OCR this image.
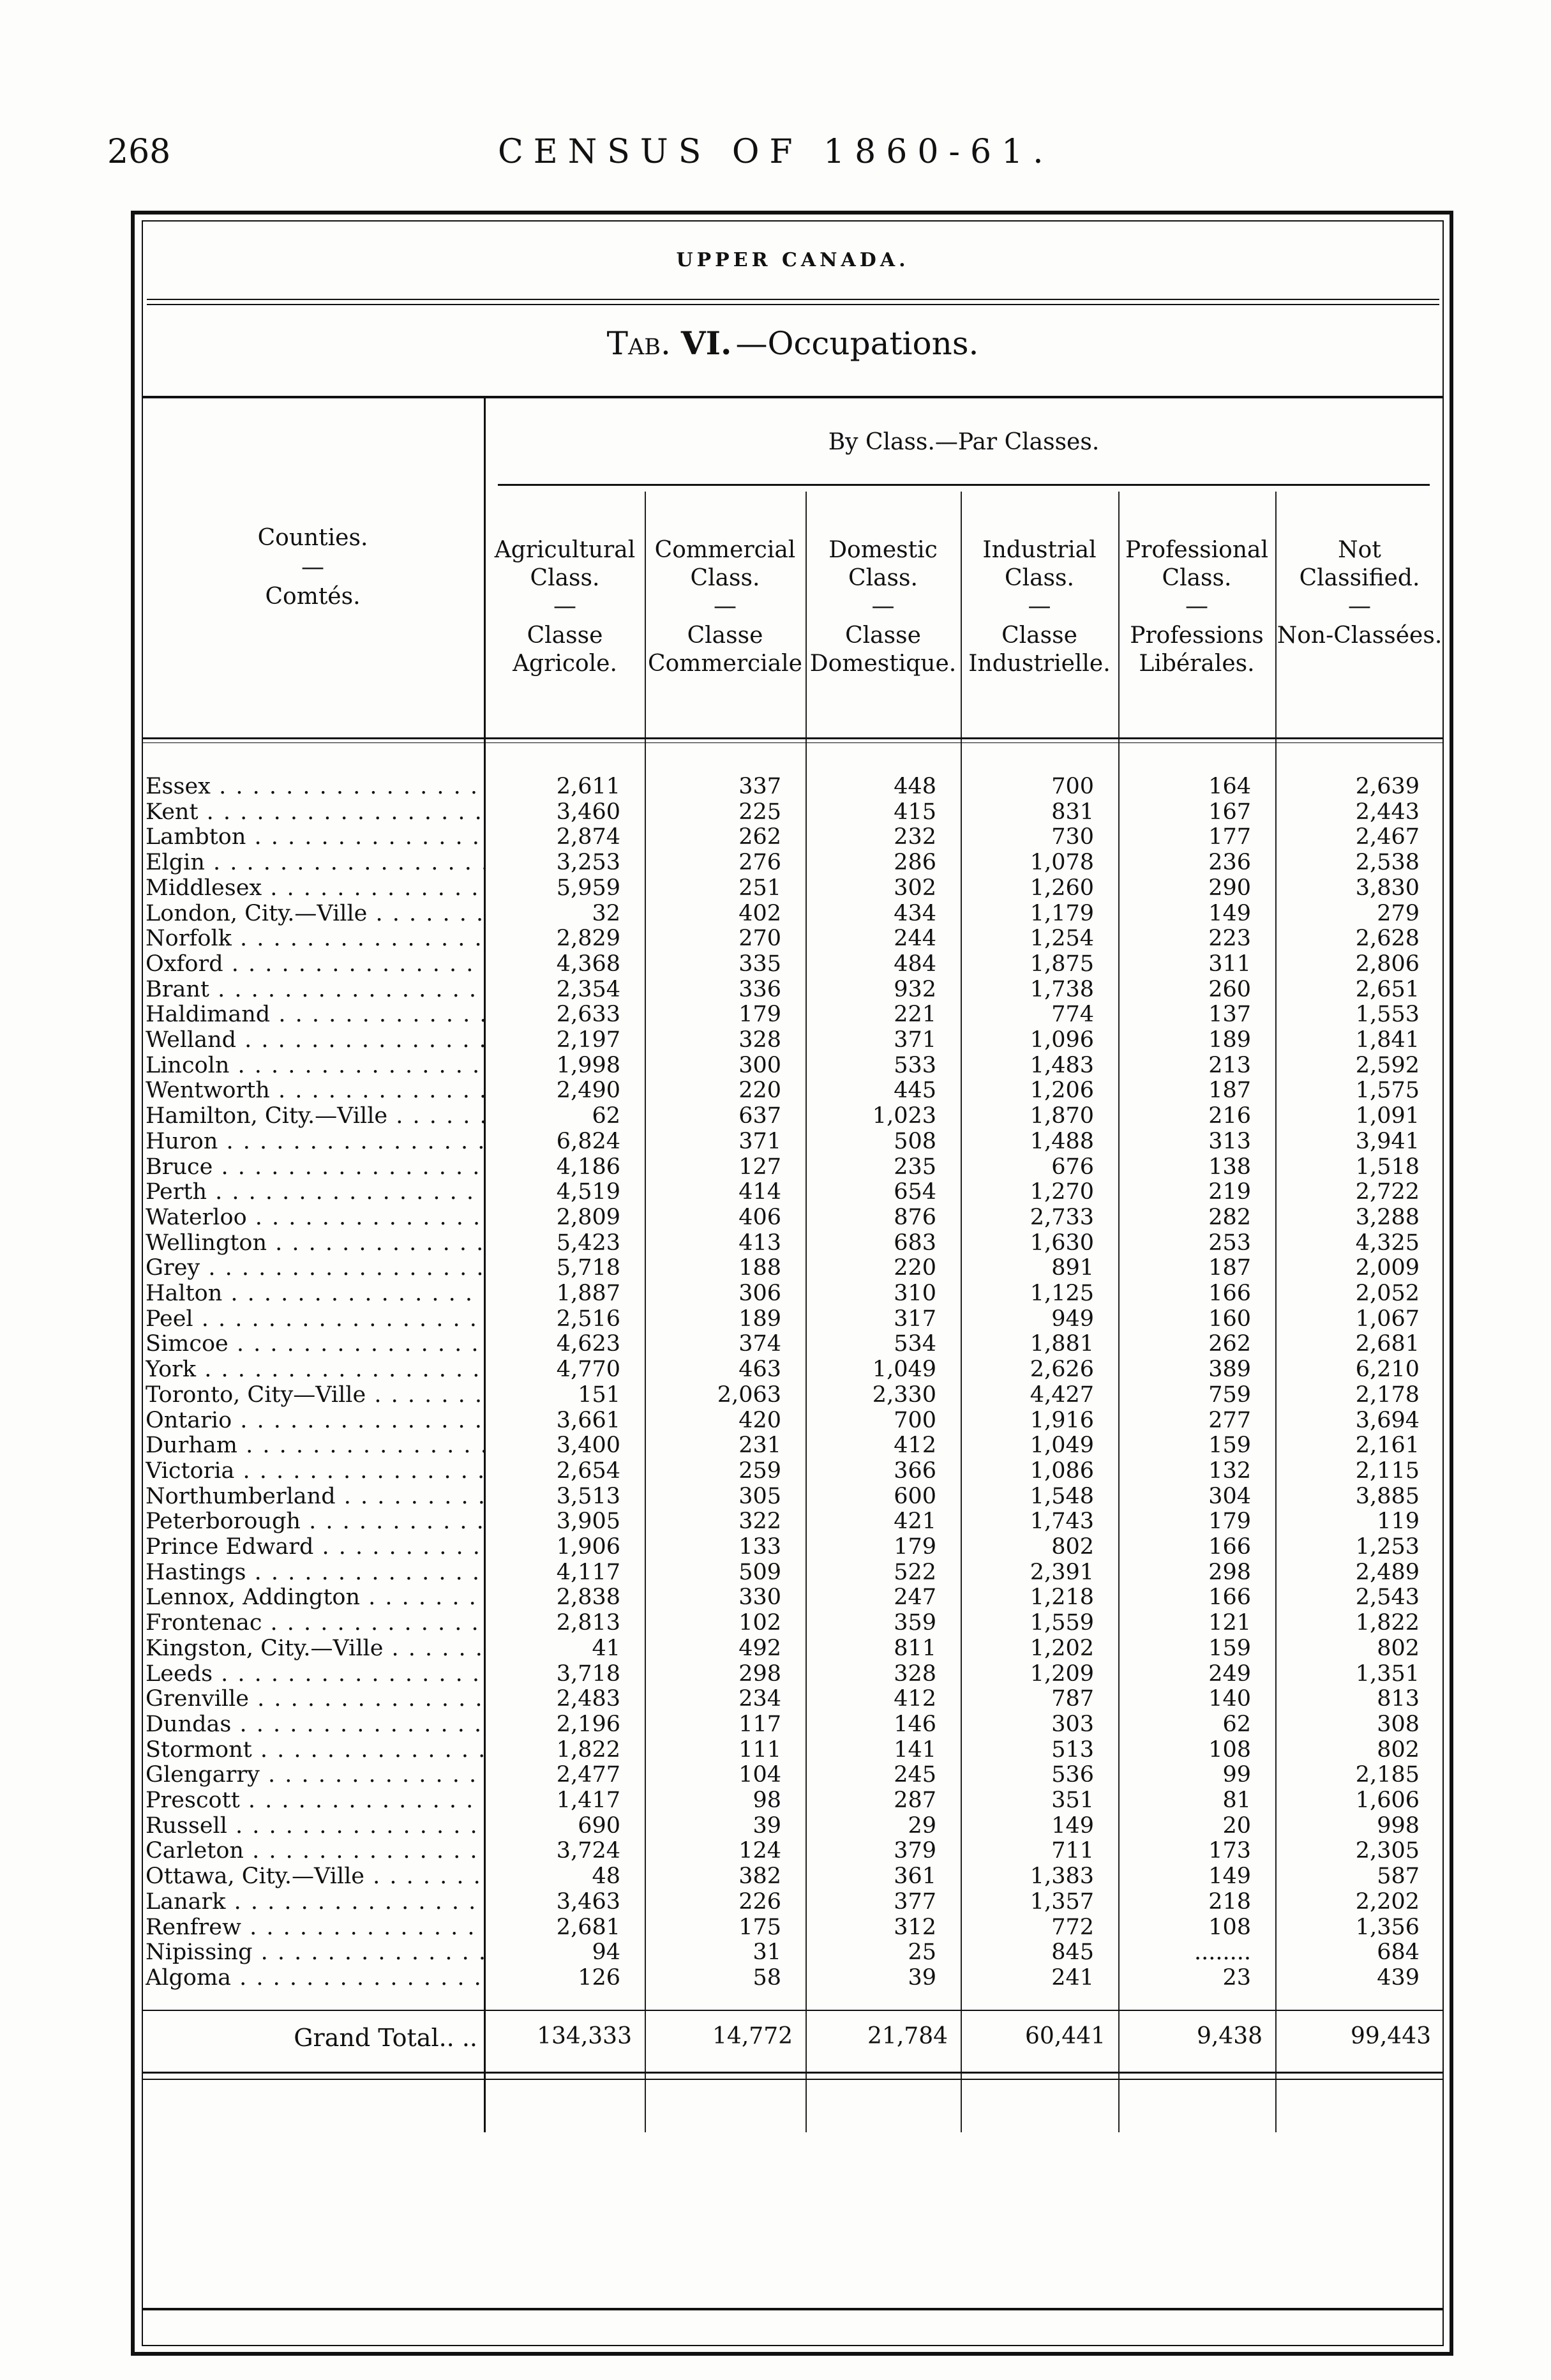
268	CENSUS OF 1860-61.
UPPER CANADA.
Tab. VI. —Occupations.
By Class.—Par Classes.
Counties.
—
Comtés.
Agricultural Class.
—
Classe Agricole.
Commercial Class.
—
Classe Commerciale
Domestic Class.
—
Classe Domestique.
Industrial Class.
—
Classe Industrielle.
Professional Class.
—
Professions Libérales.
Not Classified.
—
Non-Classées.
Essex . . .	2,611	337	448	700	164	2,639
Kent . . .	3,460	225	415	831	167	2,443
Lambton . . .	2,874	262	232	730	177	2,467
Elgin . . .	3,253	276	286	1,078	236	2,538
Middlesex . . .	5,959	251	302	1,260	290	3,830
London, City.—Ville . . .	32	402	434	1,179	149	279
Norfolk . . .	2,829	270	244	1,254	223	2,628
Oxford . . .	4,368	335	484	1,875	311	2,806
Brant . . .	2,354	336	932	1,738	260	2,651
Haldimand . . .	2,633	179	221	774	137	1,553
Welland . . .	2,197	328	371	1,096	189	1,841
Lincoln . . .	1,998	300	533	1,483	213	2,592
Wentworth . . .	2,490	220	445	1,206	187	1,575
Hamilton, City.—Ville . . .	62	637	1,023	1,870	216	1,091
Huron . . .	6,824	371	508	1,488	313	3,941
Bruce . . .	4,186	127	235	676	138	1,518
Perth . . .	4,519	414	654	1,270	219	2,722
Waterloo . . .	2,809	406	876	2,733	282	3,288
Wellington . . .	5,423	413	683	1,630	253	4,325
Grey . . .	5,718	188	220	891	187	2,009
Halton . . .	1,887	306	310	1,125	166	2,052
Peel . . .	2,516	189	317	949	160	1,067
Simcoe . . .	4,623	374	534	1,881	262	2,681
York . . .	4,770	463	1,049	2,626	389	6,210
Toronto, City—Ville . . .	151	2,063	2,330	4,427	759	2,178
Ontario . . .	3,661	420	700	1,916	277	3,694
Durham . . .	3,400	231	412	1,049	159	2,161
Victoria . . .	2,654	259	366	1,086	132	2,115
Northumberland . . .	3,513	305	600	1,548	304	3,885
Peterborough . . .	3,905	322	421	1,743	179	119
Prince Edward . . .	1,906	133	179	802	166	1,253
Hastings . . .	4,117	509	522	2,391	298	2,489
Lennox, Addington . . .	2,838	330	247	1,218	166	2,543
Frontenac . . .	2,813	102	359	1,559	121	1,822
Kingston, City.—Ville . . .	41	492	811	1,202	159	802
Leeds . . .	3,718	298	328	1,209	249	1,351
Grenville . . .	2,483	234	412	787	140	813
Dundas . . .	2,196	117	146	303	62	308
Stormont . . .	1,822	111	141	513	108	802
Glengarry . . .	2,477	104	245	536	99	2,185
Prescott . . .	1,417	98	287	351	81	1,606
Russell . . .	690	39	29	149	20	998
Carleton . . .	3,724	124	379	711	173	2,305
Ottawa, City.—Ville . . .	48	382	361	1,383	149	587
Lanark . . .	3,463	226	377	1,357	218	2,202
Renfrew . . .	2,681	175	312	772	108	1,356
Nipissing . . .	94	31	25	845	........	684
Algoma . . .	126	58	39	241	23	439
Grand Total.. ..	134,333	14,772	21,784	60,441	9,438	99,443
